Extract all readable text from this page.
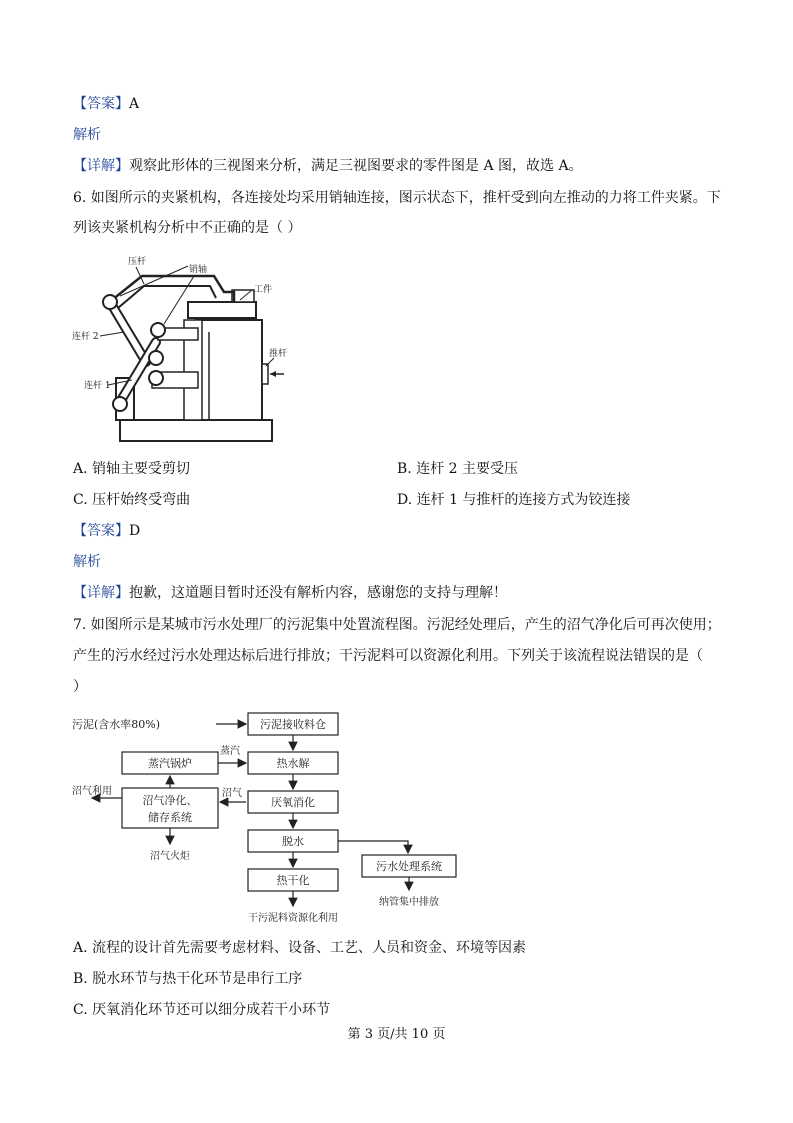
【答案】A
解析
【详解】观察此形体的三视图来分析，满足三视图要求的零件图是 A 图，故选 A。
6. 如图所示的夹紧机构，各连接处均采用销轴连接，图示状态下，推杆受到向左推动的力将工件夹紧。下
列该夹紧机构分析中不正确的是（ ）
压杆
销轴
工件
连杆 2
推杆
连杆 1
A. 销轴主要受剪切	B. 连杆 2 主要受压
C. 压杆始终受弯曲	D. 连杆 1 与推杆的连接方式为铰连接
【答案】D
解析
【详解】抱歉，这道题目暂时还没有解析内容，感谢您的支持与理解！
7. 如图所示是某城市污水处理厂的污泥集中处置流程图。污泥经处理后，产生的沼气净化后可再次使用；
产生的污水经过污水处理达标后进行排放；干污泥料可以资源化利用。下列关于该流程说法错误的是（
）
污泥(含水率80%)	污泥接收料仓
热水解
蒸汽锅炉
蒸汽
厌氧消化
沼气
沼气净化、
储存系统
沼气利用
沼气火炬
脱水
污水处理系统
纳管集中排放
热干化
干污泥料资源化利用
A. 流程的设计首先需要考虑材料、设备、工艺、人员和资金、环境等因素
B. 脱水环节与热干化环节是串行工序
C. 厌氧消化环节还可以细分成若干小环节
第 3 页/共 10 页
